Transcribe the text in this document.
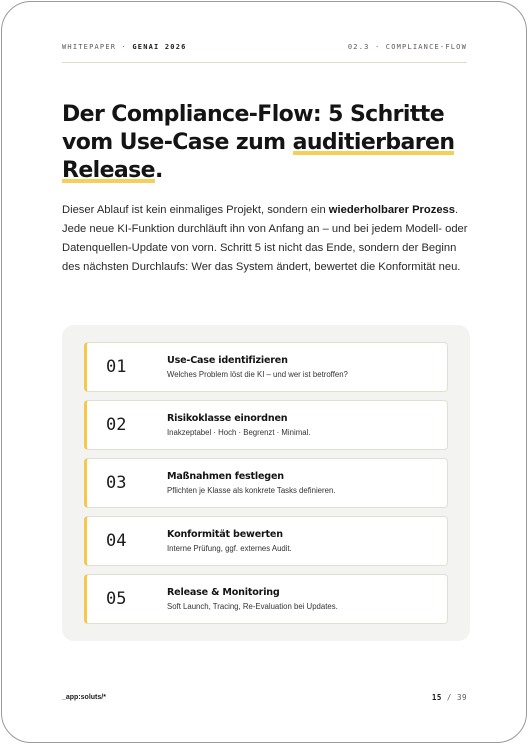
WHITEPAPER · GENAI 2026	02.3 · COMPLIANCE-FLOW
Der Compliance-Flow: 5 Schritte
vom Use-Case zum auditierbaren
Release.

Dieser Ablauf ist kein einmaliges Projekt, sondern ein wiederholbarer Prozess. Jede neue KI-Funktion durchläuft ihn von Anfang an – und bei jedem Modell- oder Datenquellen-Update von vorn. Schritt 5 ist nicht das Ende, sondern der Beginn des nächsten Durchlaufs: Wer das System ändert, bewertet die Konformität neu.

01	Use-Case identifizieren
Welches Problem löst die KI – und wer ist betroffen?
02	Risikoklasse einordnen
Inakzeptabel · Hoch · Begrenzt · Minimal.
03	Maßnahmen festlegen
Pflichten je Klasse als konkrete Tasks definieren.
04	Konformität bewerten
Interne Prüfung, ggf. externes Audit.
05	Release & Monitoring
Soft Launch, Tracing, Re-Evaluation bei Updates.
_app:soluts/*	15 / 39
